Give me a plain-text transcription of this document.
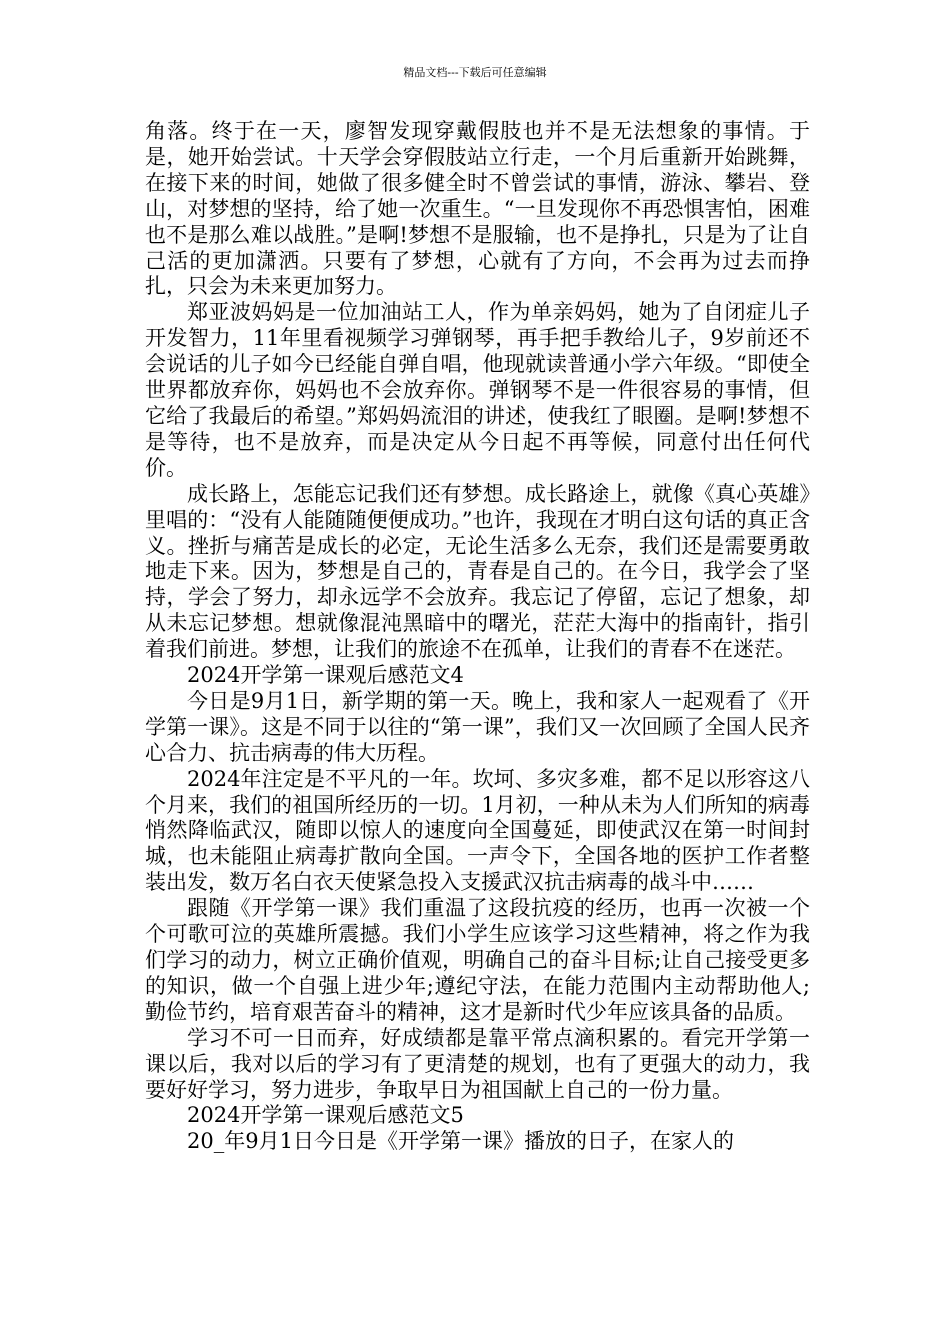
精品文档---下载后可任意编辑

角落。终于在一天，廖智发现穿戴假肢也并不是无法想象的事情。于是，她开始尝试。十天学会穿假肢站立行走，一个月后重新开始跳舞，在接下来的时间，她做了很多健全时不曾尝试的事情，游泳、攀岩、登山，对梦想的坚持，给了她一次重生。“一旦发现你不再恐惧害怕，困难也不是那么难以战胜。”是啊!梦想不是服输，也不是挣扎，只是为了让自己活的更加潇洒。只要有了梦想，心就有了方向，不会再为过去而挣扎，只会为未来更加努力。

郑亚波妈妈是一位加油站工人，作为单亲妈妈，她为了自闭症儿子开发智力，11年里看视频学习弹钢琴，再手把手教给儿子，9岁前还不会说话的儿子如今已经能自弹自唱，他现就读普通小学六年级。“即使全世界都放弃你，妈妈也不会放弃你。弹钢琴不是一件很容易的事情，但它给了我最后的希望。”郑妈妈流泪的讲述，使我红了眼圈。是啊!梦想不是等待，也不是放弃，而是决定从今日起不再等候，同意付出任何代价。

成长路上，怎能忘记我们还有梦想。成长路途上，就像《真心英雄》里唱的：“没有人能随随便便成功。”也许，我现在才明白这句话的真正含义。挫折与痛苦是成长的必定，无论生活多么无奈，我们还是需要勇敢地走下来。因为，梦想是自己的，青春是自己的。在今日，我学会了坚持，学会了努力，却永远学不会放弃。我忘记了停留，忘记了想象，却从未忘记梦想。想就像混沌黑暗中的曙光，茫茫大海中的指南针，指引着我们前进。梦想，让我们的旅途不在孤单，让我们的青春不在迷茫。

2024开学第一课观后感范文4

今日是9月1日，新学期的第一天。晚上，我和家人一起观看了《开学第一课》。这是不同于以往的“第一课”，我们又一次回顾了全国人民齐心合力、抗击病毒的伟大历程。

2024年注定是不平凡的一年。坎坷、多灾多难，都不足以形容这八个月来，我们的祖国所经历的一切。1月初，一种从未为人们所知的病毒悄然降临武汉，随即以惊人的速度向全国蔓延，即使武汉在第一时间封城，也未能阻止病毒扩散向全国。一声令下，全国各地的医护工作者整装出发，数万名白衣天使紧急投入支援武汉抗击病毒的战斗中……

跟随《开学第一课》我们重温了这段抗疫的经历，也再一次被一个个可歌可泣的英雄所震撼。我们小学生应该学习这些精神，将之作为我们学习的动力，树立正确价值观，明确自己的奋斗目标;让自己接受更多的知识，做一个自强上进少年;遵纪守法，在能力范围内主动帮助他人;勤俭节约，培育艰苦奋斗的精神，这才是新时代少年应该具备的品质。

学习不可一日而弃，好成绩都是靠平常点滴积累的。看完开学第一课以后，我对以后的学习有了更清楚的规划，也有了更强大的动力，我要好好学习，努力进步，争取早日为祖国献上自己的一份力量。

2024开学第一课观后感范文5

20_年9月1日今日是《开学第一课》播放的日子，在家人的
